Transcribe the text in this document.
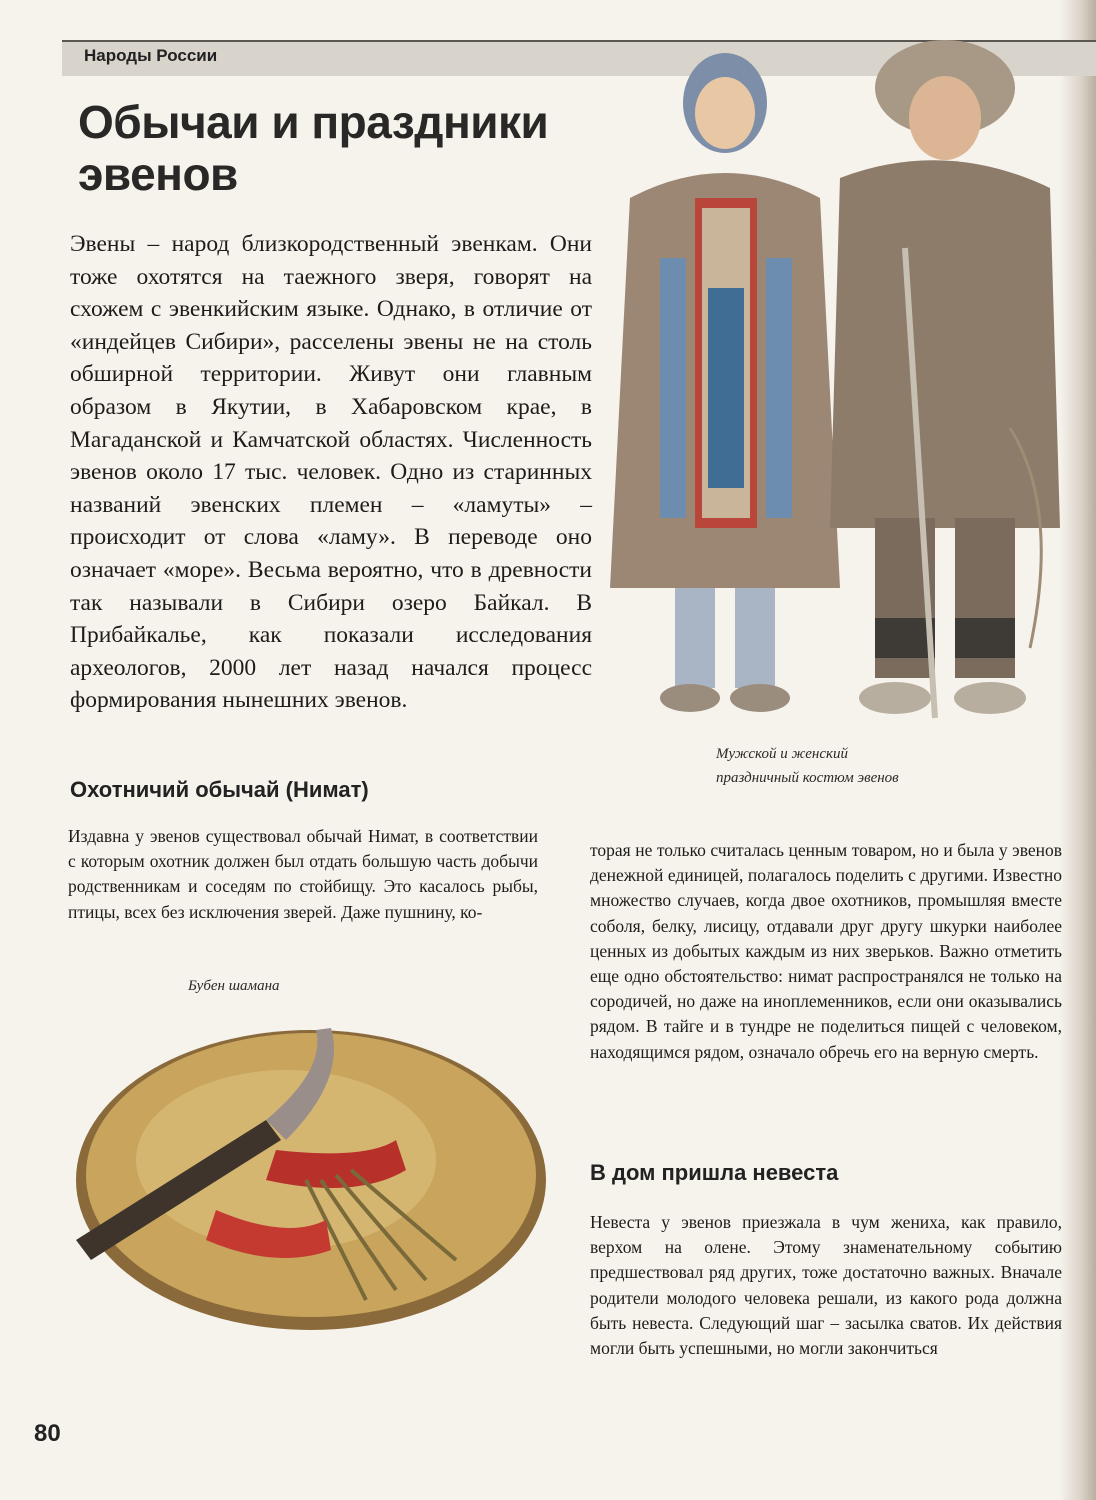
Народы России
Обычаи и праздники эвенов

Эвены – народ близкородственный эвенкам. Они тоже охотятся на таежного зверя, говорят на схожем с эвенкийским языке. Однако, в отличие от «индейцев Сибири», расселены эвены не на столь обширной территории. Живут они главным образом в Якутии, в Хабаровском крае, в Магаданской и Камчатской областях. Численность эвенов около 17 тыс. человек. Одно из старинных названий эвенских племен – «ламуты» – происходит от слова «ламу». В переводе оно означает «море». Весьма вероятно, что в древности так называли в Сибири озеро Байкал. В Прибайкалье, как показали исследования археологов, 2000 лет назад начался процесс формирования нынешних эвенов.

Мужской и женский праздничный костюм эвенов
Охотничий обычай (Нимат)

Издавна у эвенов существовал обычай Нимат, в соответствии с которым охотник должен был отдать большую часть добычи родственникам и соседям по стойбищу. Это касалось рыбы, птицы, всех без исключения зверей. Даже пушнину, ко-

Бубен шамана

торая не только считалась ценным товаром, но и была у эвенов денежной единицей, полагалось поделить с другими. Известно множество случаев, когда двое охотников, промышляя вместе соболя, белку, лисицу, отдавали друг другу шкурки наиболее ценных из добытых каждым из них зверьков. Важно отметить еще одно обстоятельство: нимат распространялся не только на сородичей, но даже на иноплеменников, если они оказывались рядом. В тайге и в тундре не поделиться пищей с человеком, находящимся рядом, означало обречь его на верную смерть.

В дом пришла невеста

Невеста у эвенов приезжала в чум жениха, как правило, верхом на олене. Этому знаменательному событию предшествовал ряд других, тоже достаточно важных. Вначале родители молодого человека решали, из какого рода должна быть невеста. Следующий шаг – засылка сватов. Их действия могли быть успешными, но могли закончиться

80
